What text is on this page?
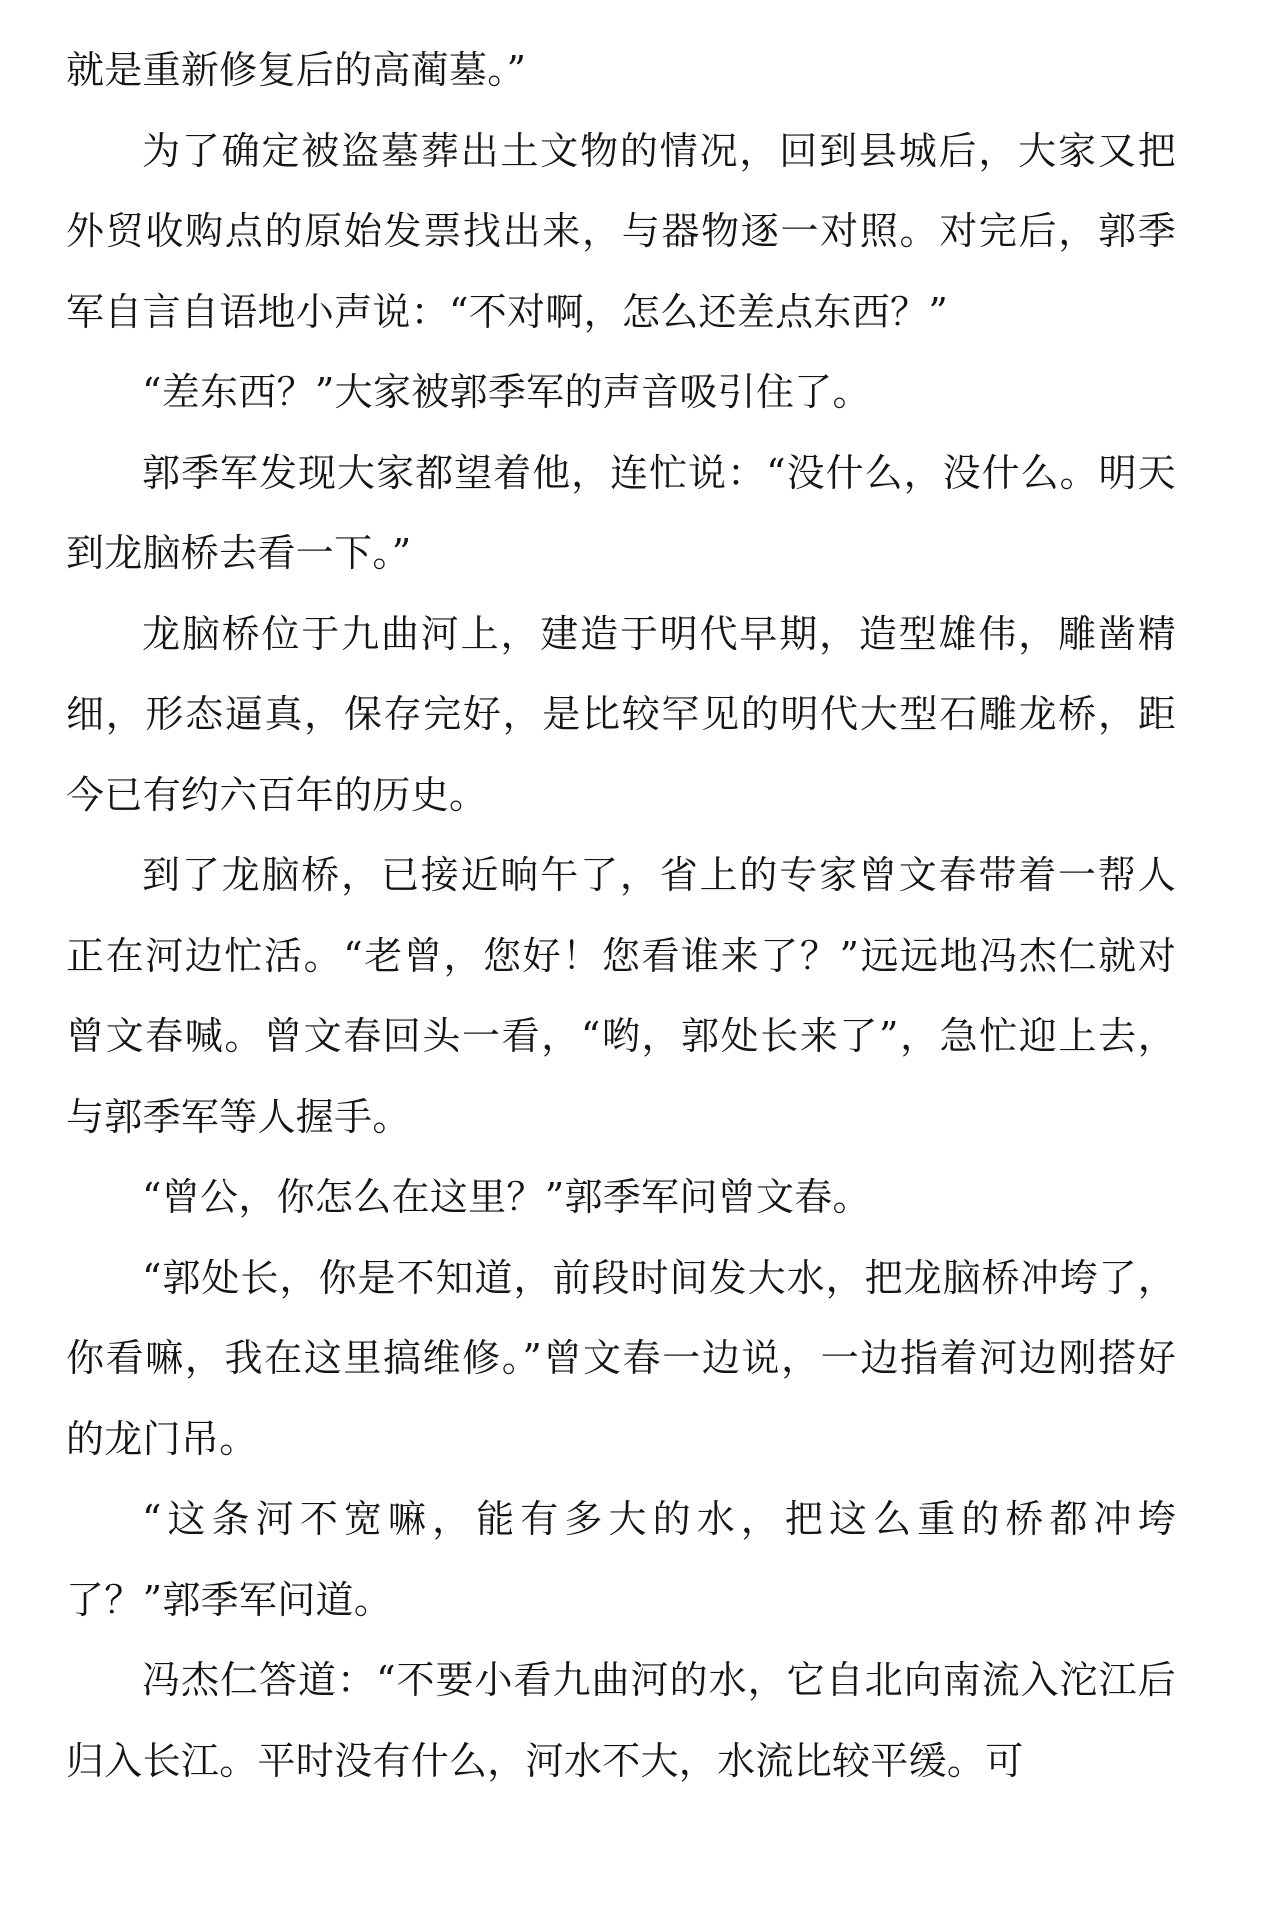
就是重新修复后的高蔺墓。”

为了确定被盗墓葬出土文物的情况，回到县城后，大家又把外贸收购点的原始发票找出来，与器物逐一对照。对完后，郭季军自言自语地小声说：“不对啊，怎么还差点东西？”

“差东西？”大家被郭季军的声音吸引住了。

郭季军发现大家都望着他，连忙说：“没什么，没什么。明天到龙脑桥去看一下。”

龙脑桥位于九曲河上，建造于明代早期，造型雄伟，雕凿精细，形态逼真，保存完好，是比较罕见的明代大型石雕龙桥，距今已有约六百年的历史。

到了龙脑桥，已接近晌午了，省上的专家曾文春带着一帮人正在河边忙活。“老曾，您好！您看谁来了？”远远地冯杰仁就对曾文春喊。曾文春回头一看，“哟，郭处长来了”，急忙迎上去，与郭季军等人握手。

“曾公，你怎么在这里？”郭季军问曾文春。

“郭处长，你是不知道，前段时间发大水，把龙脑桥冲垮了，你看嘛，我在这里搞维修。”曾文春一边说，一边指着河边刚搭好的龙门吊。

“这条河不宽嘛，能有多大的水，把这么重的桥都冲垮了？”郭季军问道。

冯杰仁答道：“不要小看九曲河的水，它自北向南流入沱江后归入长江。平时没有什么，河水不大，水流比较平缓。可
